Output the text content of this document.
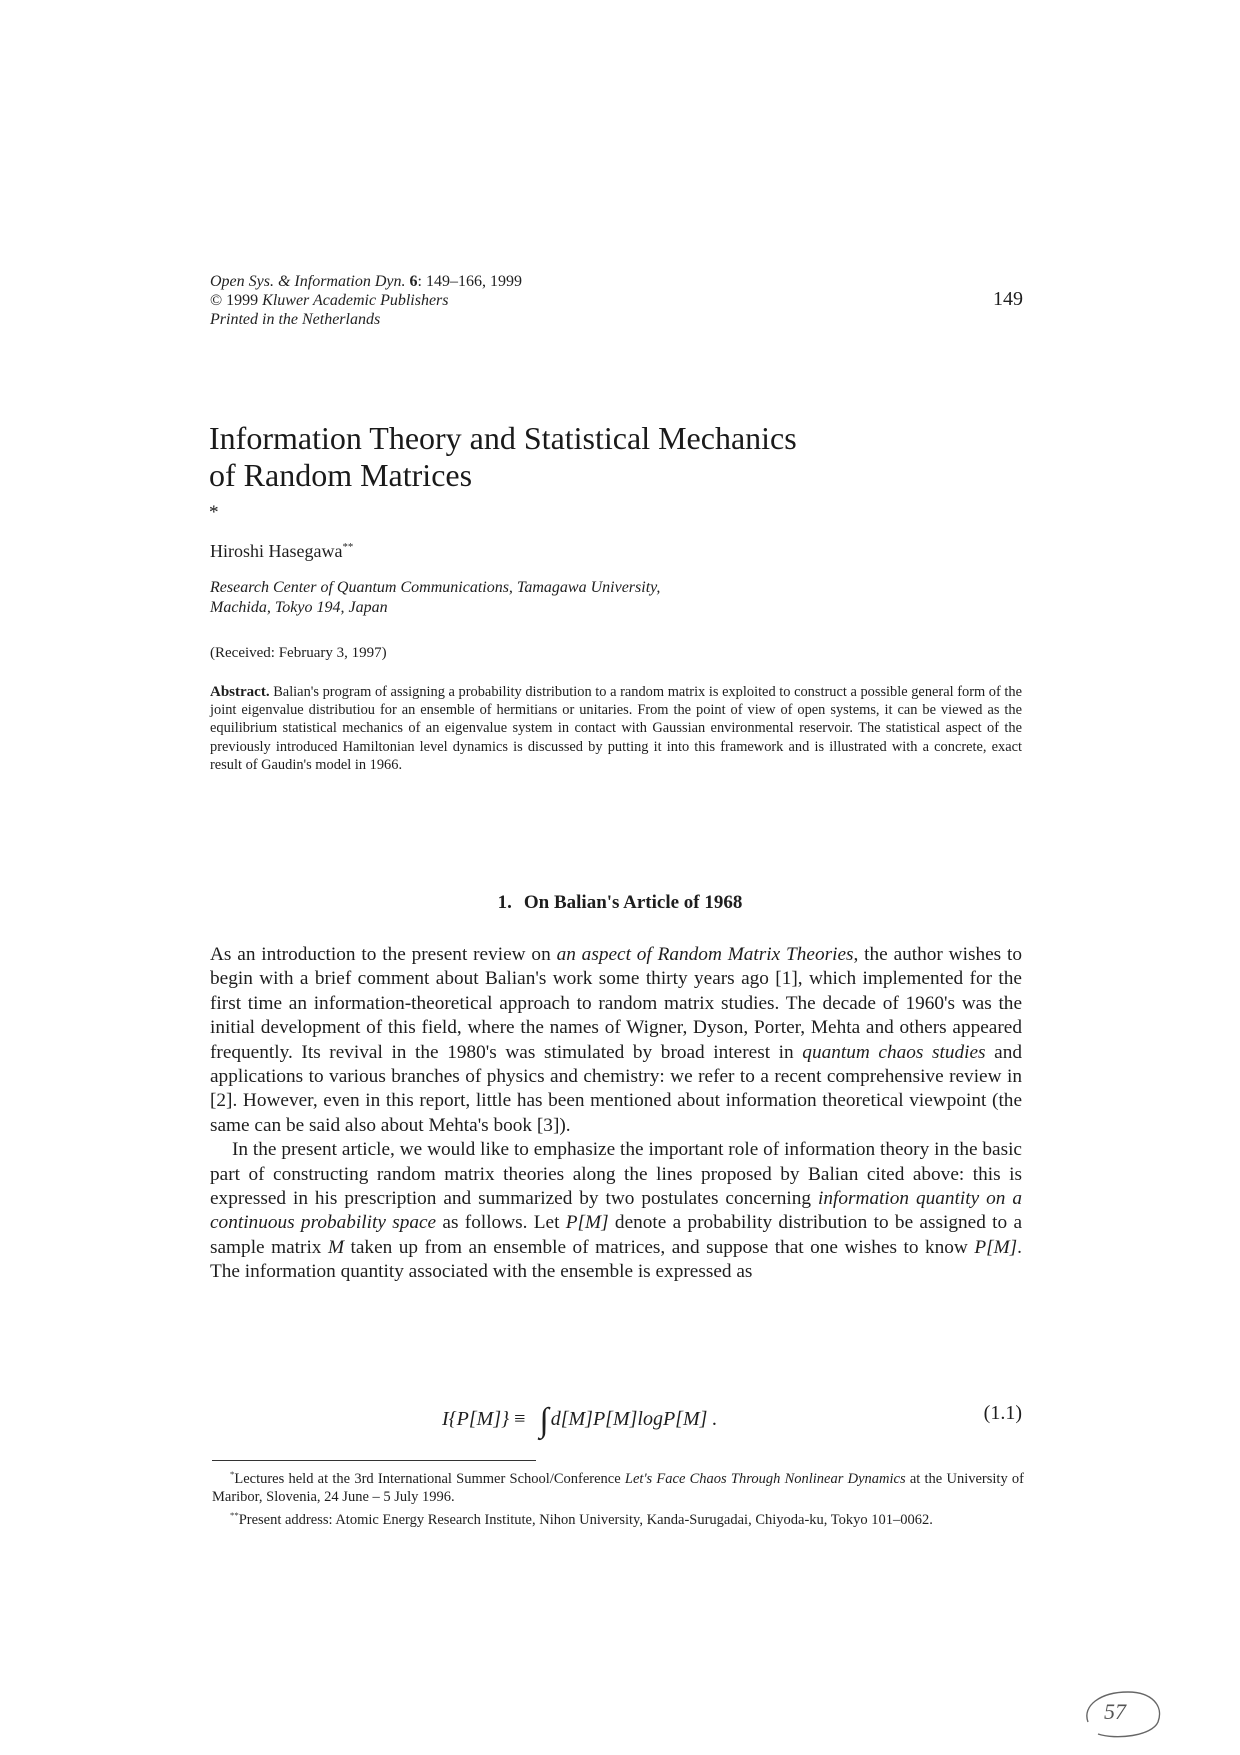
Open Sys. & Information Dyn. 6: 149–166, 1999
© 1999 Kluwer Academic Publishers
Printed in the Netherlands
149
Information Theory and Statistical Mechanics
of Random Matrices
*
Hiroshi Hasegawa**
Research Center of Quantum Communications, Tamagawa University,
Machida, Tokyo 194, Japan
(Received: February 3, 1997)

Abstract. Balian's program of assigning a probability distribution to a random matrix is exploited to construct a possible general form of the joint eigenvalue distributiou for an ensemble of hermitians or unitaries. From the point of view of open systems, it can be viewed as the equilibrium statistical mechanics of an eigenvalue system in contact with Gaussian environmental reservoir. The statistical aspect of the previously introduced Hamiltonian level dynamics is discussed by putting it into this framework and is illustrated with a concrete, exact result of Gaudin's model in 1966.

1. On Balian's Article of 1968

As an introduction to the present review on an aspect of Random Matrix Theories, the author wishes to begin with a brief comment about Balian's work some thirty years ago [1], which implemented for the first time an information-theoretical approach to random matrix studies. The decade of 1960's was the initial development of this field, where the names of Wigner, Dyson, Porter, Mehta and others appeared frequently. Its revival in the 1980's was stimulated by broad interest in quantum chaos studies and applications to various branches of physics and chemistry: we refer to a recent comprehensive review in [2]. However, even in this report, little has been mentioned about information theoretical viewpoint (the same can be said also about Mehta's book [3]).

In the present article, we would like to emphasize the important role of information theory in the basic part of constructing random matrix theories along the lines proposed by Balian cited above: this is expressed in his prescription and summarized by two postulates concerning information quantity on a continuous probability space as follows. Let P[M] denote a probability distribution to be assigned to a sample matrix M taken up from an ensemble of matrices, and suppose that one wishes to know P[M]. The information quantity associated with the ensemble is expressed as

I{P[M]} ≡ ∫ d[M]P[M]logP[M] .	(1.1)

*Lectures held at the 3rd International Summer School/Conference Let's Face Chaos Through Nonlinear Dynamics at the University of Maribor, Slovenia, 24 June – 5 July 1996.

**Present address: Atomic Energy Research Institute, Nihon University, Kanda-Surugadai, Chiyoda-ku, Tokyo 101–0062.

57
